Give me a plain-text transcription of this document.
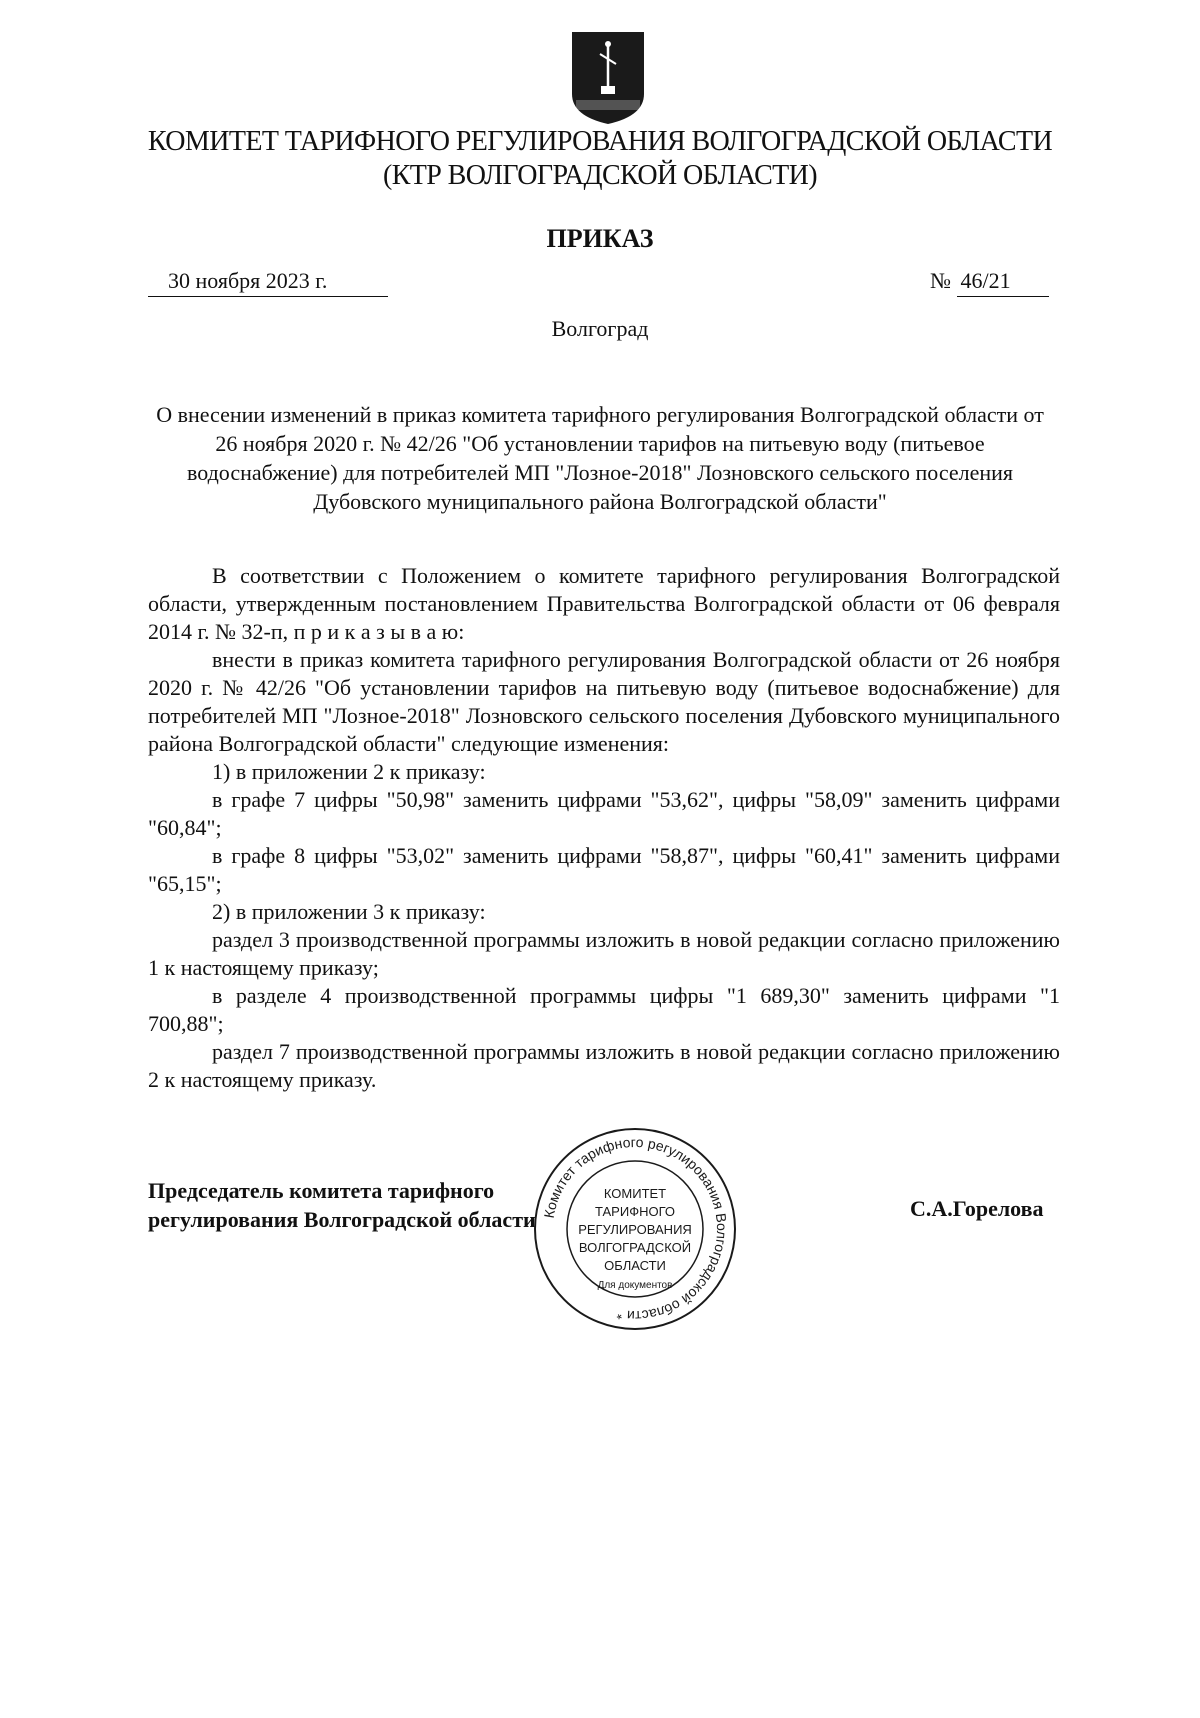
КОМИТЕТ ТАРИФНОГО РЕГУЛИРОВАНИЯ ВОЛГОГРАДСКОЙ ОБЛАСТИ
(КТР ВОЛГОГРАДСКОЙ ОБЛАСТИ)
ПРИКАЗ
30 ноября 2023 г.	№ 46/21
Волгоград
О внесении изменений в приказ комитета тарифного регулирования Волгоградской области от 26 ноября 2020 г. № 42/26 "Об установлении тарифов на питьевую воду (питьевое водоснабжение) для потребителей МП "Лозное-2018" Лозновского сельского поселения Дубовского муниципального района Волгоградской области"

В соответствии с Положением о комитете тарифного регулирования Волгоградской области, утвержденным постановлением Правительства Волгоградской области от 06 февраля 2014 г. № 32-п, п р и к а з ы в а ю:

внести в приказ комитета тарифного регулирования Волгоградской области от 26 ноября 2020 г. № 42/26 "Об установлении тарифов на питьевую воду (питьевое водоснабжение) для потребителей МП "Лозное-2018" Лозновского сельского поселения Дубовского муниципального района Волгоградской области" следующие изменения:

1) в приложении 2 к приказу:

в графе 7 цифры "50,98" заменить цифрами "53,62", цифры "58,09" заменить цифрами "60,84";

в графе 8 цифры "53,02" заменить цифрами "58,87", цифры "60,41" заменить цифрами "65,15";

2) в приложении 3 к приказу:

раздел 3 производственной программы изложить в новой редакции согласно приложению 1 к настоящему приказу;

в разделе 4 производственной программы цифры "1 689,30" заменить цифрами "1 700,88";

раздел 7 производственной программы изложить в новой редакции согласно приложению 2 к настоящему приказу.

Председатель комитета тарифного
регулирования Волгоградской области	С.А.Горелова
Комитет тарифного регулирования Волгоградской области *
КОМИТЕТ
ТАРИФНОГО
РЕГУЛИРОВАНИЯ
ВОЛГОГРАДСКОЙ
ОБЛАСТИ
Для документов
